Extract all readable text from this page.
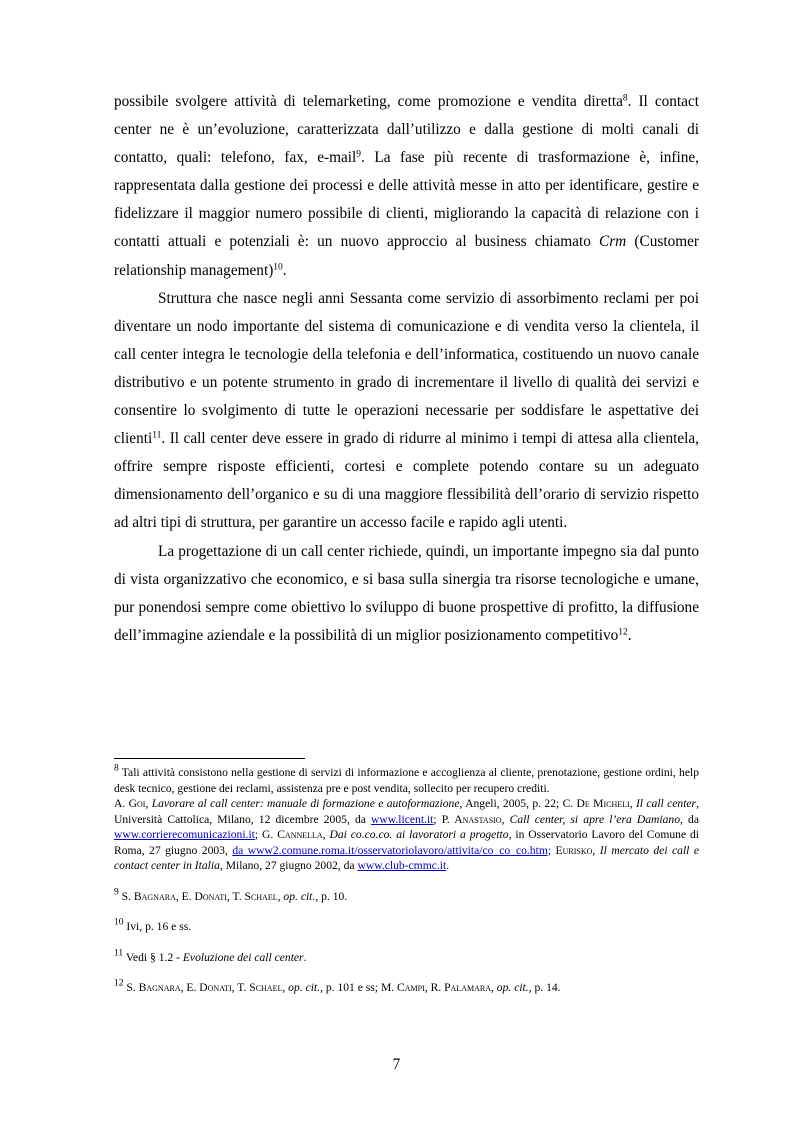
possibile svolgere attività di telemarketing, come promozione e vendita diretta$^8$. Il contact center ne è un’evoluzione, caratterizzata dall’utilizzo e dalla gestione di molti canali di contatto, quali: telefono, fax, e-mail$^9$. La fase più recente di trasformazione è, infine, rappresentata dalla gestione dei processi e delle attività messe in atto per identificare, gestire e fidelizzare il maggior numero possibile di clienti, migliorando la capacità di relazione con i contatti attuali e potenziali è: un nuovo approccio al business chiamato Crm (Customer relationship management)$^{10}$.

Struttura che nasce negli anni Sessanta come servizio di assorbimento reclami per poi diventare un nodo importante del sistema di comunicazione e di vendita verso la clientela, il call center integra le tecnologie della telefonia e dell’informatica, costituendo un nuovo canale distributivo e un potente strumento in grado di incrementare il livello di qualità dei servizi e consentire lo svolgimento di tutte le operazioni necessarie per soddisfare le aspettative dei clienti$^{11}$. Il call center deve essere in grado di ridurre al minimo i tempi di attesa alla clientela, offrire sempre risposte efficienti, cortesi e complete potendo contare su un adeguato dimensionamento dell’organico e su di una maggiore flessibilità dell’orario di servizio rispetto ad altri tipi di struttura, per garantire un accesso facile e rapido agli utenti.

La progettazione di un call center richiede, quindi, un importante impegno sia dal punto di vista organizzativo che economico, e si basa sulla sinergia tra risorse tecnologiche e umane, pur ponendosi sempre come obiettivo lo sviluppo di buone prospettive di profitto, la diffusione dell’immagine aziendale e la possibilità di un miglior posizionamento competitivo$^{12}$.

$^8$ Tali attività consistono nella gestione di servizi di informazione e accoglienza al cliente, prenotazione, gestione ordini, help desk tecnico, gestione dei reclami, assistenza pre e post vendita, sollecito per recupero crediti.

A. Goi, Lavorare al call center: manuale di formazione e autoformazione, Angeli, 2005, p. 22; C. De Micheli, Il call center, Università Cattolica, Milano, 12 dicembre 2005, da www.licent.it; P. Anastasio, Call center, si apre l’era Damiano, da www.corrierecomunicazioni.it; G. Cannella, Dai co.co.co. ai lavoratori a progetto, in Osservatorio Lavoro del Comune di Roma, 27 giugno 2003, da www2.comune.roma.it/osservatoriolavoro/attivita/co_co_co.htm; Eurisko, Il mercato dei call e contact center in Italia, Milano, 27 giugno 2002, da www.club-cmmc.it.

$^9$ S. Bagnara, E. Donati, T. Schael, op. cit., p. 10.

$^{10}$ Ivi, p. 16 e ss.

$^{11}$ Vedi § 1.2 - Evoluzione dei call center.

$^{12}$ S. Bagnara, E. Donati, T. Schael, op. cit., p. 101 e ss; M. Campi, R. Palamara, op. cit., p. 14.

7
